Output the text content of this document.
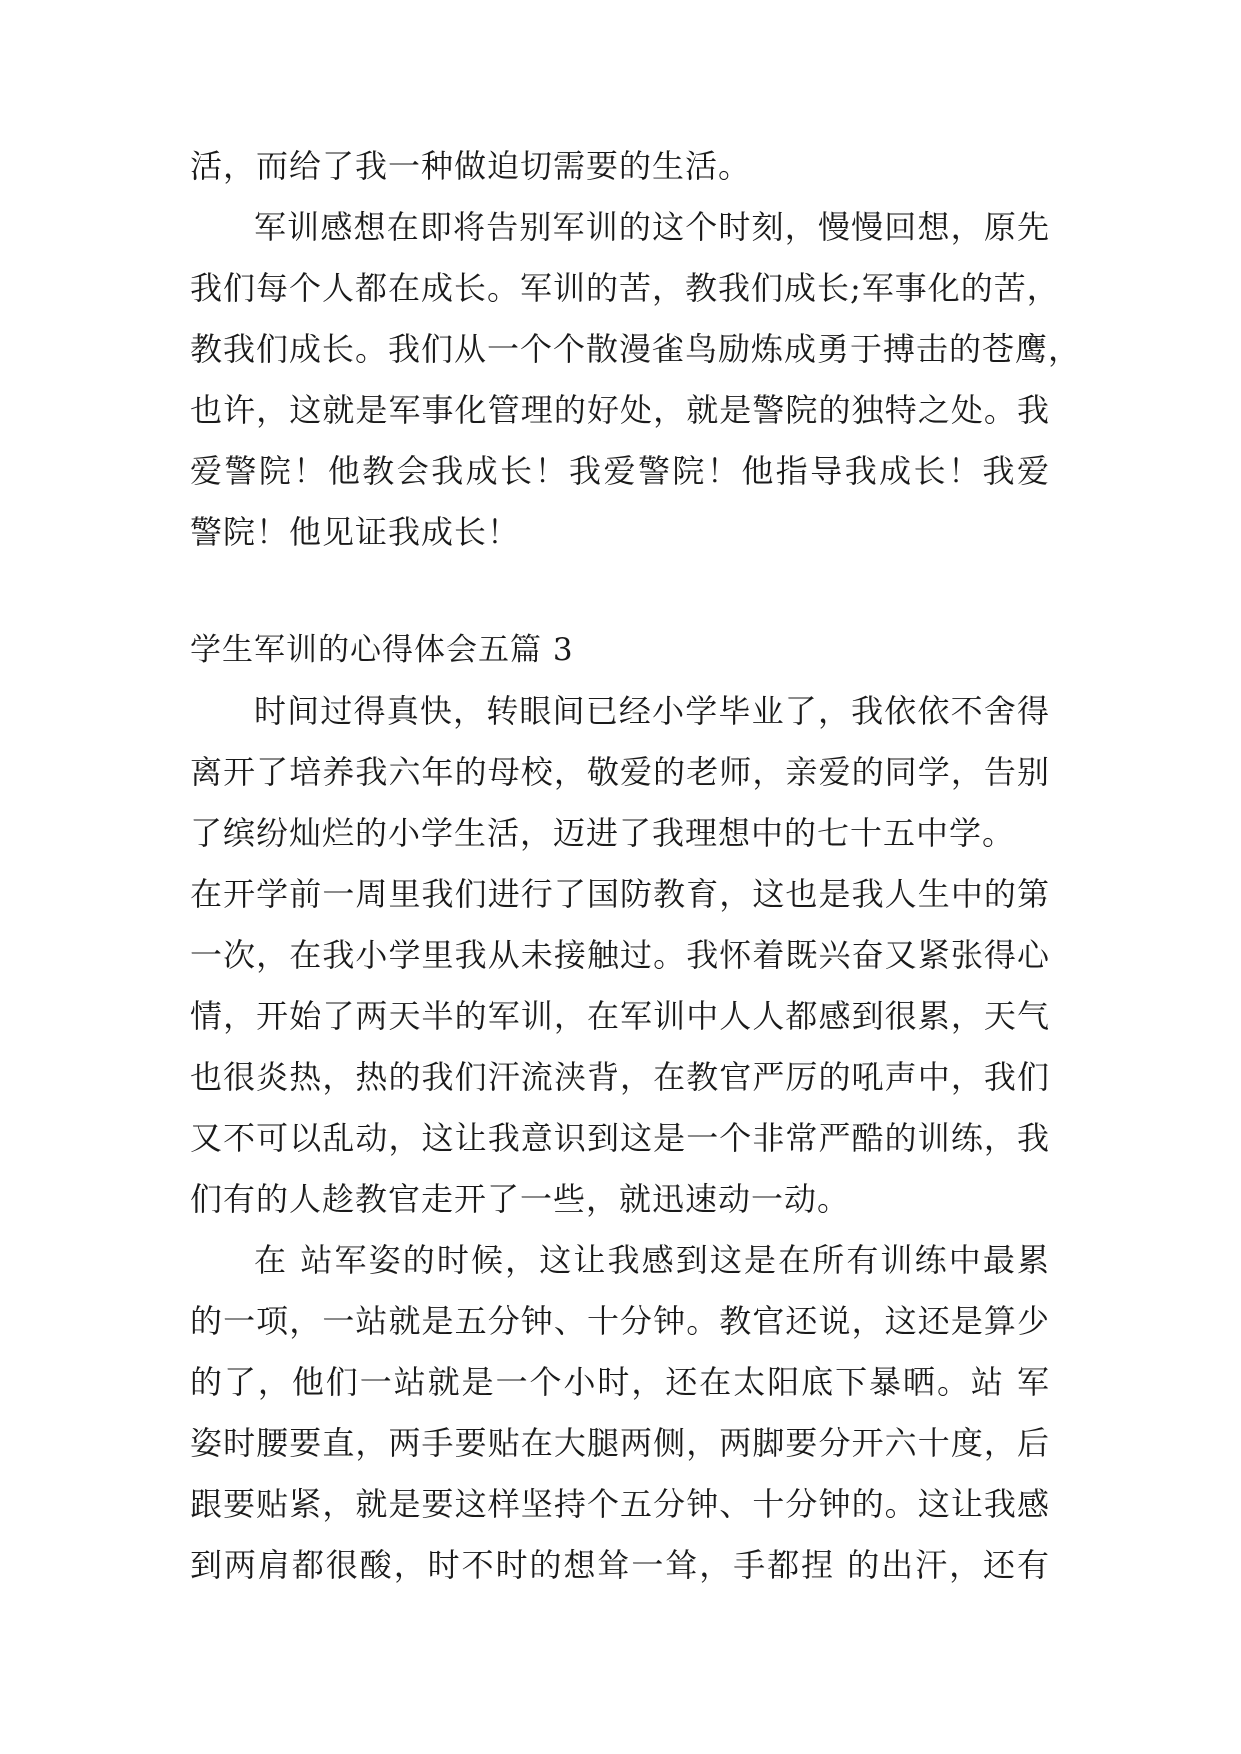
活，而给了我一种做迫切需要的生活。
军训感想在即将告别军训的这个时刻，慢慢回想，原先
我们每个人都在成长。军训的苦，教我们成长;军事化的苦，
教我们成长。我们从一个个散漫雀鸟励炼成勇于搏击的苍鹰，
也许，这就是军事化管理的好处，就是警院的独特之处。我
爱警院！他教会我成长！我爱警院！他指导我成长！我爱
警院！他见证我成长！
学生军训的心得体会五篇 3
时间过得真快，转眼间已经小学毕业了，我依依不舍得
离开了培养我六年的母校，敬爱的老师，亲爱的同学，告别
了缤纷灿烂的小学生活，迈进了我理想中的七十五中学。
在开学前一周里我们进行了国防教育，这也是我人生中的第
一次，在我小学里我从未接触过。我怀着既兴奋又紧张得心
情，开始了两天半的军训，在军训中人人都感到很累，天气
也很炎热，热的我们汗流浃背，在教官严厉的吼声中，我们
又不可以乱动，这让我意识到这是一个非常严酷的训练，我
们有的人趁教官走开了一些，就迅速动一动。
在 站军姿的时候，这让我感到这是在所有训练中最累
的一项，一站就是五分钟、十分钟。教官还说，这还是算少
的了，他们一站就是一个小时，还在太阳底下暴晒。站 军
姿时腰要直，两手要贴在大腿两侧，两脚要分开六十度，后
跟要贴紧，就是要这样坚持个五分钟、十分钟的。这让我感
到两肩都很酸，时不时的想耸一耸，手都捏 的出汗，还有
